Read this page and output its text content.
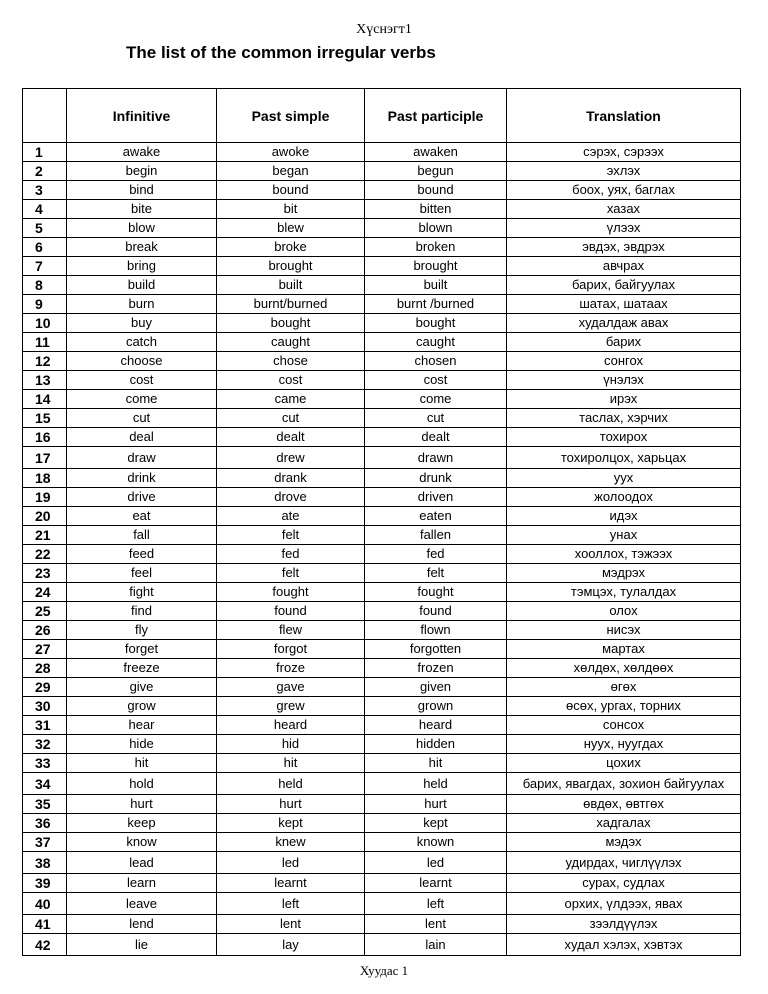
Хүснэгт1
The list of the common irregular verbs
	Infinitive	Past simple	Past participle	Translation
1	awake	awoke	awaken	сэрэх, сэрээх
2	begin	began	begun	эхлэх
3	bind	bound	bound	боох, уях, баглах
4	bite	bit	bitten	хазах
5	blow	blew	blown	үлээх
6	break	broke	broken	эвдэх, эвдрэх
7	bring	brought	brought	авчрах
8	build	built	built	барих, байгуулах
9	burn	burnt/burned	burnt /burned	шатах, шатаах
10	buy	bought	bought	худалдаж авах
11	catch	caught	caught	барих
12	choose	chose	chosen	сонгох
13	cost	cost	cost	үнэлэх
14	come	came	come	ирэх
15	cut	cut	cut	таслах, хэрчих
16	deal	dealt	dealt	тохирох
17	draw	drew	drawn	тохиролцох, харьцах
18	drink	drank	drunk	уух
19	drive	drove	driven	жолоодох
20	eat	ate	eaten	идэх
21	fall	felt	fallen	унах
22	feed	fed	fed	хооллох, тэжээх
23	feel	felt	felt	мэдрэх
24	fight	fought	fought	тэмцэх, тулалдах
25	find	found	found	олох
26	fly	flew	flown	нисэх
27	forget	forgot	forgotten	мартах
28	freeze	froze	frozen	хөлдөх, хөлдөөх
29	give	gave	given	өгөх
30	grow	grew	grown	өсөх, ургах, торних
31	hear	heard	heard	сонсох
32	hide	hid	hidden	нуух, нуугдах
33	hit	hit	hit	цохих
34	hold	held	held	барих, явагдах, зохион байгуулах
35	hurt	hurt	hurt	өвдөх, өвтгөх
36	keep	kept	kept	хадгалах
37	know	knew	known	мэдэх
38	lead	led	led	удирдах, чиглүүлэх
39	learn	learnt	learnt	сурах, судлах
40	leave	left	left	орхих, үлдээх, явах
41	lend	lent	lent	зээлдүүлэх
42	lie	lay	lain	худал хэлэх, хэвтэх
Хуудас 1
